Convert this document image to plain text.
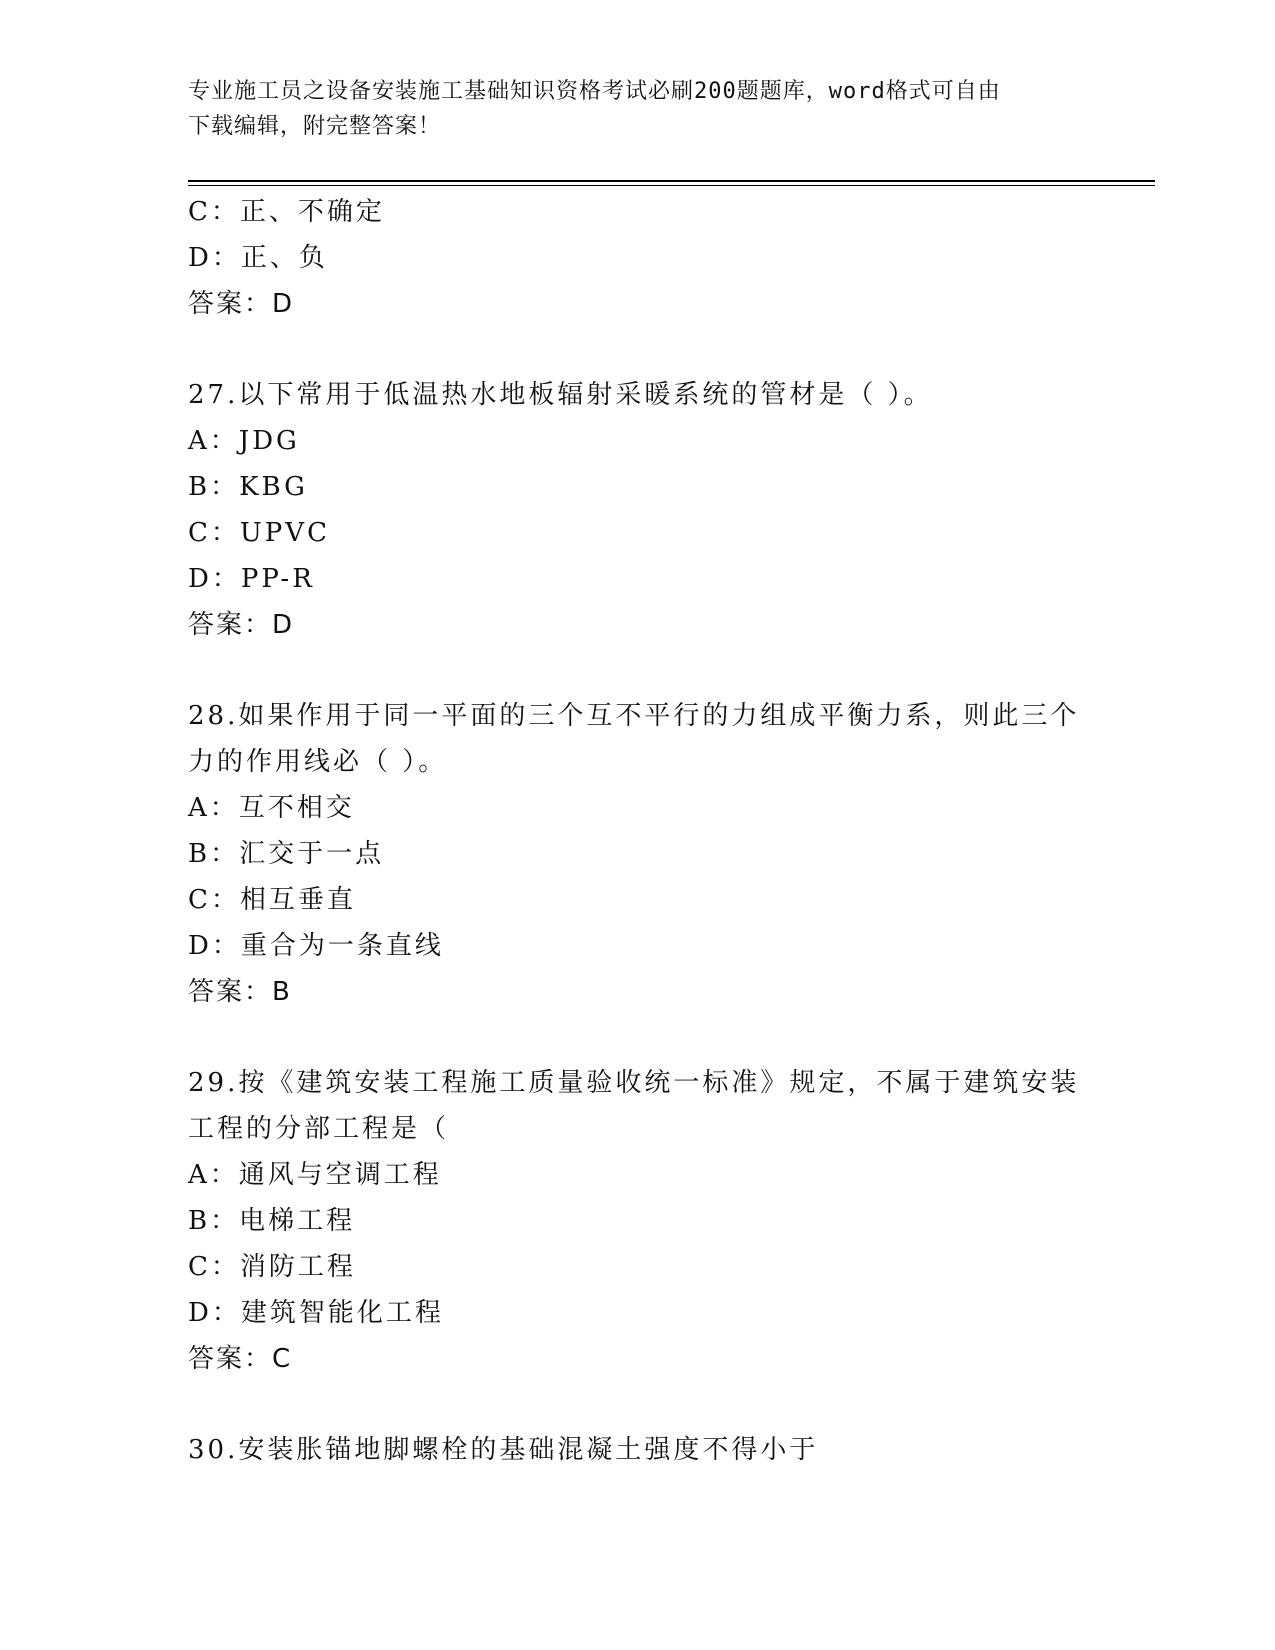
专业施工员之设备安装施工基础知识资格考试必刷200题题库，word格式可自由
下载编辑，附完整答案！
C：正、不确定
D：正、负
答案：D
27.以下常用于低温热水地板辐射采暖系统的管材是（ ）。
A：JDG
B：KBG
C：UPVC
D：PP-R
答案：D
28.如果作用于同一平面的三个互不平行的力组成平衡力系，则此三个
力的作用线必（ ）。
A：互不相交
B：汇交于一点
C：相互垂直
D：重合为一条直线
答案：B
29.按《建筑安装工程施工质量验收统一标准》规定，不属于建筑安装
工程的分部工程是（
A：通风与空调工程
B：电梯工程
C：消防工程
D：建筑智能化工程
答案：C
30.安装胀锚地脚螺栓的基础混凝土强度不得小于
